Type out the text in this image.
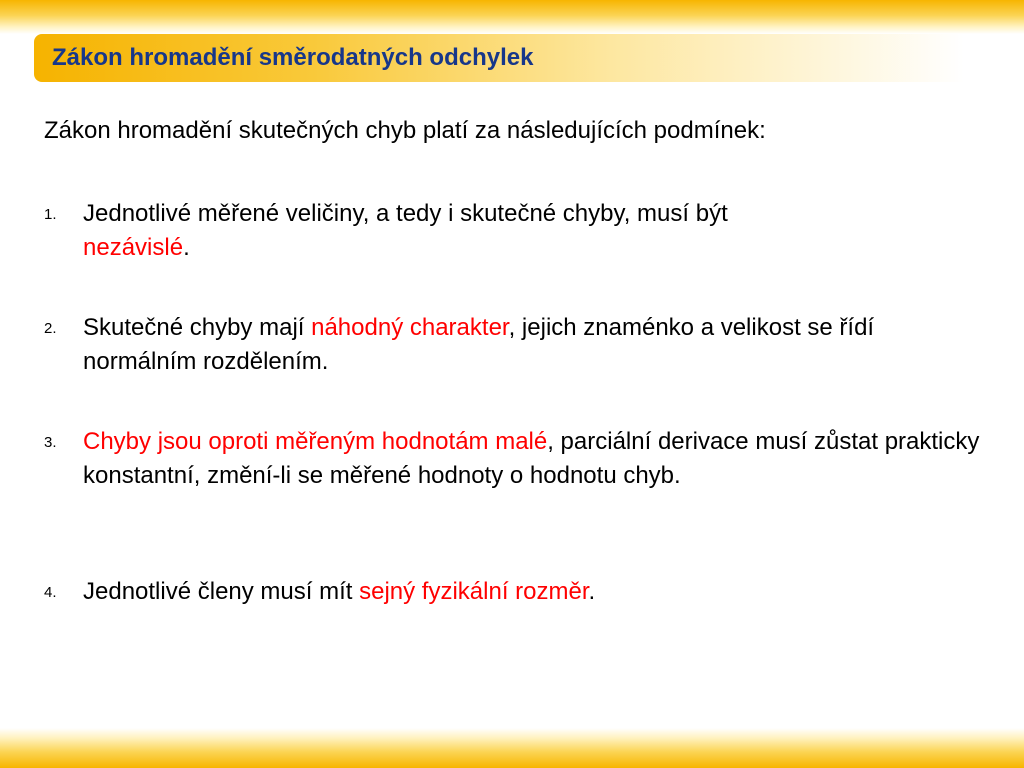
Zákon hromadění směrodatných odchylek

Zákon hromadění skutečných chyb platí za následujících podmínek:

1. Jednotlivé měřené veličiny, a tedy i skutečné chyby, musí být
nezávislé.
2. Skutečné chyby mají náhodný charakter, jejich znaménko a velikost se řídí normálním rozdělením.
3. Chyby jsou oproti měřeným hodnotám malé, parciální derivace musí zůstat prakticky konstantní, změní-li se měřené hodnoty o hodnotu chyb.
4. Jednotlivé členy musí mít sejný fyzikální rozměr.
